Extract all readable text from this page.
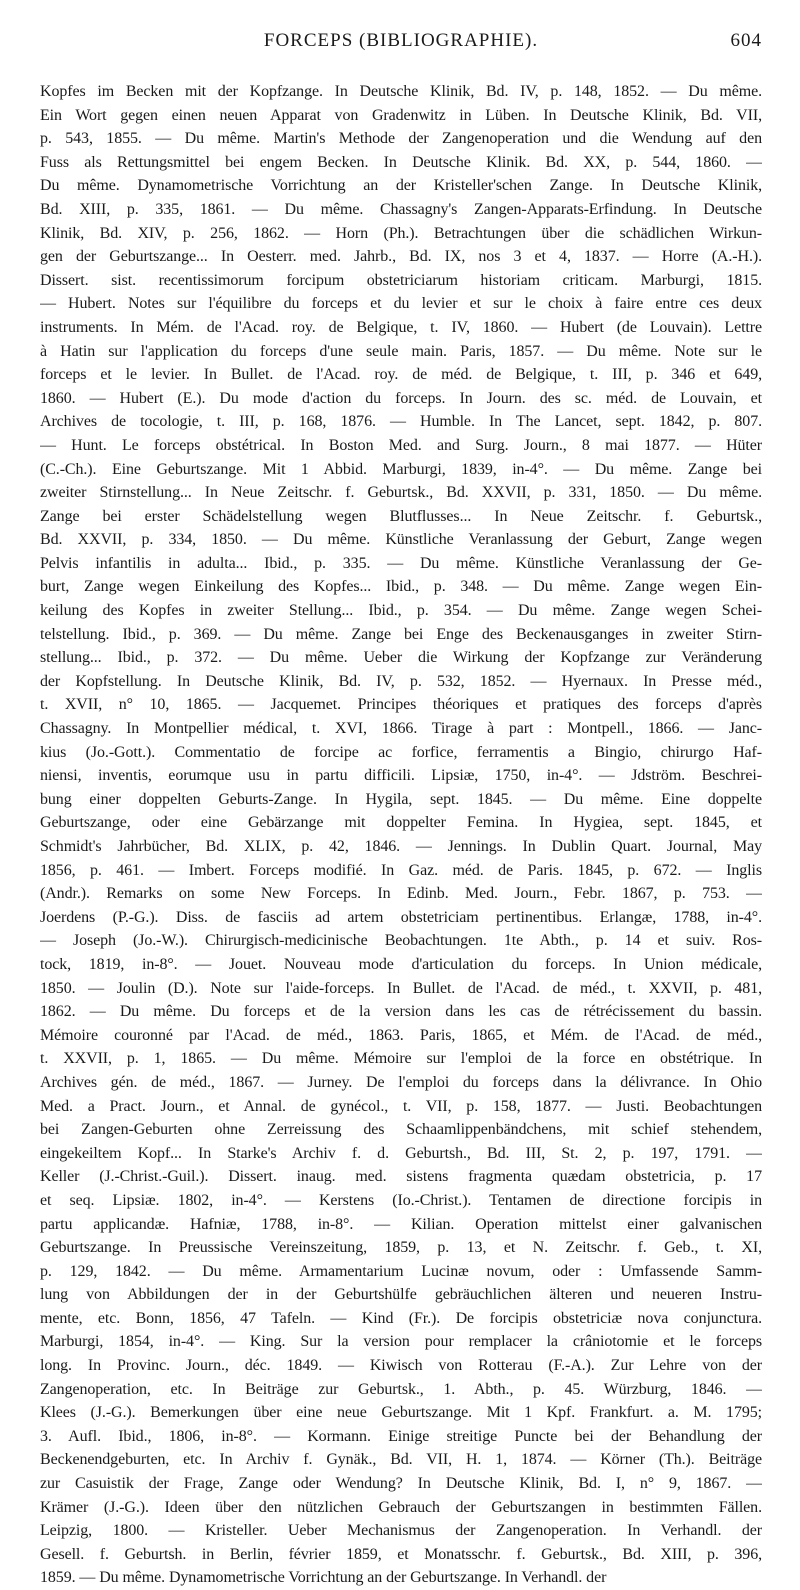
FORCEPS (BIBLIOGRAPHIE).	604
Kopfes im Becken mit der Kopfzange. In Deutsche Klinik, Bd. IV, p. 148, 1852. — Du même.
Ein Wort gegen einen neuen Apparat von Gradenwitz in Lüben. In Deutsche Klinik, Bd. VII,
p. 543, 1855. — Du même. Martin's Methode der Zangenoperation und die Wendung auf den
Fuss als Rettungsmittel bei engem Becken. In Deutsche Klinik. Bd. XX, p. 544, 1860. —
Du même. Dynamometrische Vorrichtung an der Kristeller'schen Zange. In Deutsche Klinik,
Bd. XIII, p. 335, 1861. — Du même. Chassagny's Zangen-Apparats-Erfindung. In Deutsche
Klinik, Bd. XIV, p. 256, 1862. — Horn (Ph.). Betrachtungen über die schädlichen Wirkun-
gen der Geburtszange... In Oesterr. med. Jahrb., Bd. IX, nos 3 et 4, 1837. — Horre (A.-H.).
Dissert. sist. recentissimorum forcipum obstetriciarum historiam criticam. Marburgi, 1815.
— Hubert. Notes sur l'équilibre du forceps et du levier et sur le choix à faire entre ces deux
instruments. In Mém. de l'Acad. roy. de Belgique, t. IV, 1860. — Hubert (de Louvain). Lettre
à Hatin sur l'application du forceps d'une seule main. Paris, 1857. — Du même. Note sur le
forceps et le levier. In Bullet. de l'Acad. roy. de méd. de Belgique, t. III, p. 346 et 649,
1860. — Hubert (E.). Du mode d'action du forceps. In Journ. des sc. méd. de Louvain, et
Archives de tocologie, t. III, p. 168, 1876. — Humble. In The Lancet, sept. 1842, p. 807.
— Hunt. Le forceps obstétrical. In Boston Med. and Surg. Journ., 8 mai 1877. — Hüter
(C.-Ch.). Eine Geburtszange. Mit 1 Abbid. Marburgi, 1839, in-4°. — Du même. Zange bei
zweiter Stirnstellung... In Neue Zeitschr. f. Geburtsk., Bd. XXVII, p. 331, 1850. — Du même.
Zange bei erster Schädelstellung wegen Blutflusses... In Neue Zeitschr. f. Geburtsk.,
Bd. XXVII, p. 334, 1850. — Du même. Künstliche Veranlassung der Geburt, Zange wegen
Pelvis infantilis in adulta... Ibid., p. 335. — Du même. Künstliche Veranlassung der Ge-
burt, Zange wegen Einkeilung des Kopfes... Ibid., p. 348. — Du même. Zange wegen Ein-
keilung des Kopfes in zweiter Stellung... Ibid., p. 354. — Du même. Zange wegen Schei-
telstellung. Ibid., p. 369. — Du même. Zange bei Enge des Beckenausganges in zweiter Stirn-
stellung... Ibid., p. 372. — Du même. Ueber die Wirkung der Kopfzange zur Veränderung
der Kopfstellung. In Deutsche Klinik, Bd. IV, p. 532, 1852. — Hyernaux. In Presse méd.,
t. XVII, n° 10, 1865. — Jacquemet. Principes théoriques et pratiques des forceps d'après
Chassagny. In Montpellier médical, t. XVI, 1866. Tirage à part : Montpell., 1866. — Janc-
kius (Jo.-Gott.). Commentatio de forcipe ac forfice, ferramentis a Bingio, chirurgo Haf-
niensi, inventis, eorumque usu in partu difficili. Lipsiæ, 1750, in-4°. — Jdström. Beschrei-
bung einer doppelten Geburts-Zange. In Hygila, sept. 1845. — Du même. Eine doppelte
Geburtszange, oder eine Gebärzange mit doppelter Femina. In Hygiea, sept. 1845, et
Schmidt's Jahrbücher, Bd. XLIX, p. 42, 1846. — Jennings. In Dublin Quart. Journal, May
1856, p. 461. — Imbert. Forceps modifié. In Gaz. méd. de Paris. 1845, p. 672. — Inglis
(Andr.). Remarks on some New Forceps. In Edinb. Med. Journ., Febr. 1867, p. 753. —
Joerdens (P.-G.). Diss. de fasciis ad artem obstetriciam pertinentibus. Erlangæ, 1788, in-4°.
— Joseph (Jo.-W.). Chirurgisch-medicinische Beobachtungen. 1te Abth., p. 14 et suiv. Ros-
tock, 1819, in-8°. — Jouet. Nouveau mode d'articulation du forceps. In Union médicale,
1850. — Joulin (D.). Note sur l'aide-forceps. In Bullet. de l'Acad. de méd., t. XXVII, p. 481,
1862. — Du même. Du forceps et de la version dans les cas de rétrécissement du bassin.
Mémoire couronné par l'Acad. de méd., 1863. Paris, 1865, et Mém. de l'Acad. de méd.,
t. XXVII, p. 1, 1865. — Du même. Mémoire sur l'emploi de la force en obstétrique. In
Archives gén. de méd., 1867. — Jurney. De l'emploi du forceps dans la délivrance. In Ohio
Med. a Pract. Journ., et Annal. de gynécol., t. VII, p. 158, 1877. — Justi. Beobachtungen
bei Zangen-Geburten ohne Zerreissung des Schaamlippenbändchens, mit schief stehendem,
eingekeiltem Kopf... In Starke's Archiv f. d. Geburtsh., Bd. III, St. 2, p. 197, 1791. —
Keller (J.-Christ.-Guil.). Dissert. inaug. med. sistens fragmenta quædam obstetricia, p. 17
et seq. Lipsiæ. 1802, in-4°. — Kerstens (Io.-Christ.). Tentamen de directione forcipis in
partu applicandæ. Hafniæ, 1788, in-8°. — Kilian. Operation mittelst einer galvanischen
Geburtszange. In Preussische Vereinszeitung, 1859, p. 13, et N. Zeitschr. f. Geb., t. XI,
p. 129, 1842. — Du même. Armamentarium Lucinæ novum, oder : Umfassende Samm-
lung von Abbildungen der in der Geburtshülfe gebräuchlichen älteren und neueren Instru-
mente, etc. Bonn, 1856, 47 Tafeln. — Kind (Fr.). De forcipis obstetriciæ nova conjunctura.
Marburgi, 1854, in-4°. — King. Sur la version pour remplacer la crâniotomie et le forceps
long. In Provinc. Journ., déc. 1849. — Kiwisch von Rotterau (F.-A.). Zur Lehre von der
Zangenoperation, etc. In Beiträge zur Geburtsk., 1. Abth., p. 45. Würzburg, 1846. —
Klees (J.-G.). Bemerkungen über eine neue Geburtszange. Mit 1 Kpf. Frankfurt. a. M. 1795;
3. Aufl. Ibid., 1806, in-8°. — Kormann. Einige streitige Puncte bei der Behandlung der
Beckenendgeburten, etc. In Archiv f. Gynäk., Bd. VII, H. 1, 1874. — Körner (Th.). Beiträge
zur Casuistik der Frage, Zange oder Wendung? In Deutsche Klinik, Bd. I, n° 9, 1867. —
Krämer (J.-G.). Ideen über den nützlichen Gebrauch der Geburtszangen in bestimmten Fällen.
Leipzig, 1800. — Kristeller. Ueber Mechanismus der Zangenoperation. In Verhandl. der
Gesell. f. Geburtsh. in Berlin, février 1859, et Monatsschr. f. Geburtsk., Bd. XIII, p. 396,
1859. — Du même. Dynamometrische Vorrichtung an der Geburtszange. In Verhandl. der
